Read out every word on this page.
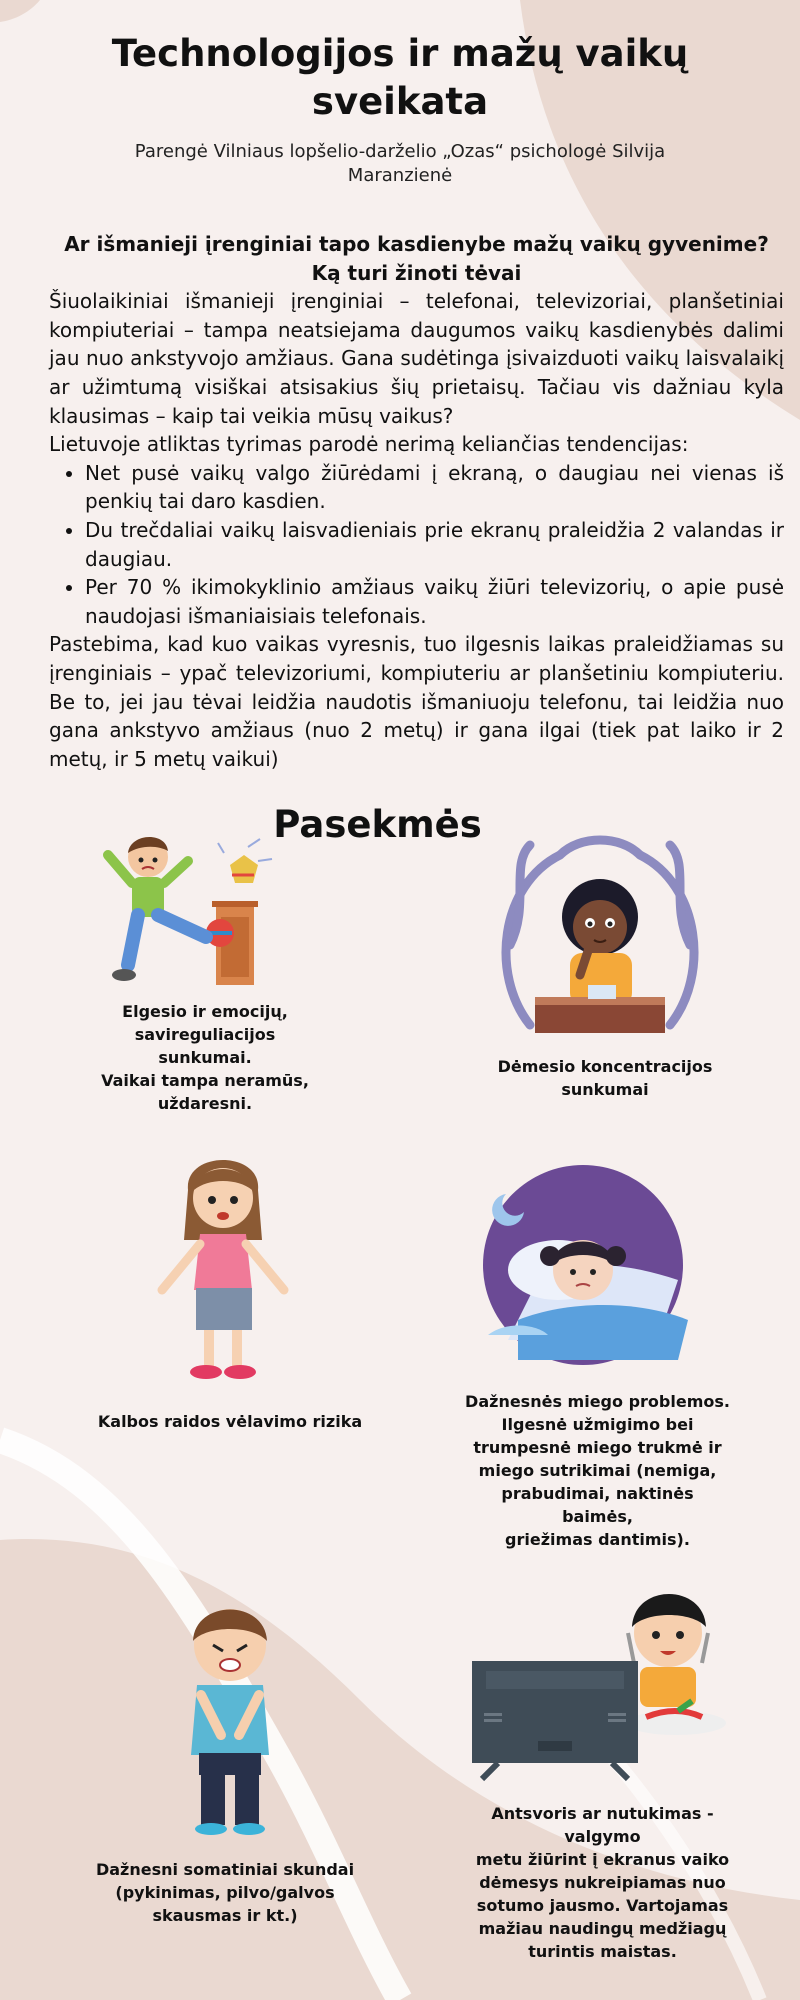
Technologijos ir mažų vaikų sveikata
Parengė Vilniaus lopšelio-darželio „Ozas“ psichologė Silvija Maranzienė
Ar išmanieji įrenginiai tapo kasdienybe mažų vaikų gyvenime? Ką turi žinoti tėvai

Šiuolaikiniai išmanieji įrenginiai – telefonai, televizoriai, planšetiniai kompiuteriai – tampa neatsiejama daugumos vaikų kasdienybės dalimi jau nuo ankstyvojo amžiaus. Gana sudėtinga įsivaizduoti vaikų laisvalaikį ar užimtumą visiškai atsisakius šių prietaisų. Tačiau vis dažniau kyla klausimas – kaip tai veikia mūsų vaikus?

Lietuvoje atliktas tyrimas parodė nerimą keliančias tendencijas:

• Net pusė vaikų valgo žiūrėdami į ekraną, o daugiau nei vienas iš penkių tai daro kasdien.
• Du trečdaliai vaikų laisvadieniais prie ekranų praleidžia 2 valandas ir daugiau.
• Per 70 % ikimokyklinio amžiaus vaikų žiūri televizorių, o apie pusė naudojasi išmaniaisiais telefonais.

Pastebima, kad kuo vaikas vyresnis, tuo ilgesnis laikas praleidžiamas su įrenginiais – ypač televizoriumi, kompiuteriu ar planšetiniu kompiuteriu. Be to, jei jau tėvai leidžia naudotis išmaniuoju telefonu, tai leidžia nuo gana ankstyvo amžiaus (nuo 2 metų) ir gana ilgai (tiek pat laiko ir 2 metų, ir 5 metų vaikui)

Pasekmės
Elgesio ir emocijų,
savireguliacijos
sunkumai.
Vaikai tampa neramūs,
uždaresni.
Dėmesio koncentracijos
sunkumai
Kalbos raidos vėlavimo rizika
Dažnesnės miego problemos.
Ilgesnė užmigimo bei
trumpesnė miego trukmė ir
miego sutrikimai (nemiga,
prabudimai, naktinės baimės,
griežimas dantimis).
Dažnesni somatiniai skundai
(pykinimas, pilvo/galvos
skausmas ir kt.)
Antsvoris ar nutukimas - valgymo
metu žiūrint į ekranus vaiko
dėmesys nukreipiamas nuo
sotumo jausmo. Vartojamas
mažiau naudingų medžiagų
turintis maistas.
